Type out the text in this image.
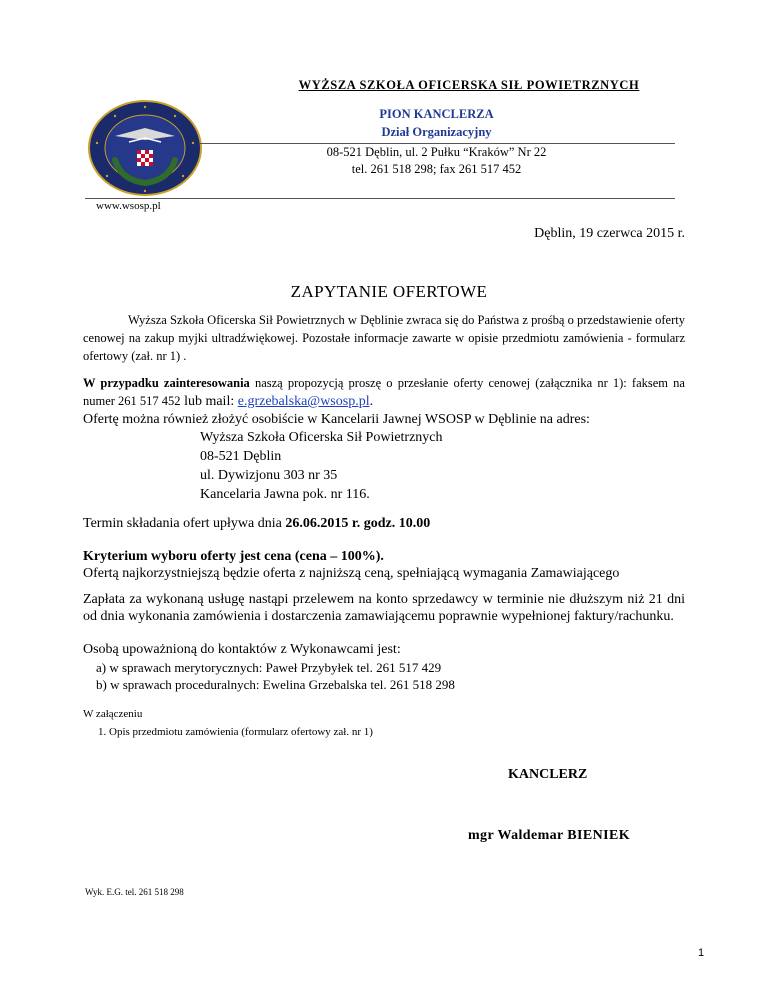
WYŻSZA SZKOŁA OFICERSKA SIŁ POWIETRZNYCH
PION KANCLERZA
Dział Organizacyjny
08-521 Dęblin, ul. 2 Pułku “Kraków” Nr 22
tel. 261 518 298; fax 261 517 452
www.wsosp.pl
Dęblin, 19 czerwca 2015 r.
ZAPYTANIE OFERTOWE
Wyższa Szkoła Oficerska Sił Powietrznych w Dęblinie zwraca się do Państwa z prośbą o przedstawienie oferty cenowej na zakup myjki ultradźwiękowej. Pozostałe informacje zawarte w opisie przedmiotu zamówienia - formularz ofertowy (zał. nr 1) .
W przypadku zainteresowania naszą propozycją proszę o przesłanie oferty cenowej (załącznika nr 1): faksem na numer 261 517 452 lub mail: e.grzebalska@wsosp.pl.
Ofertę można również złożyć osobiście w Kancelarii Jawnej WSOSP w Dęblinie na adres:
Wyższa Szkoła Oficerska Sił Powietrznych
08-521 Dęblin
ul. Dywizjonu 303 nr 35
Kancelaria Jawna pok. nr 116.
Termin składania ofert upływa dnia 26.06.2015 r. godz. 10.00
Kryterium wyboru oferty jest cena (cena – 100%).
Ofertą najkorzystniejszą będzie oferta z najniższą ceną, spełniającą wymagania Zamawiającego
Zapłata za wykonaną usługę nastąpi przelewem na konto sprzedawcy w terminie nie dłuższym niż 21 dni od dnia wykonania zamówienia i dostarczenia zamawiającemu poprawnie wypełnionej faktury/rachunku.
Osobą upoważnioną do kontaktów z Wykonawcami jest:
a) w sprawach merytorycznych: Paweł Przybyłek tel. 261 517 429
b) w sprawach proceduralnych: Ewelina Grzebalska tel. 261 518 298
W załączeniu
1. Opis przedmiotu zamówienia (formularz ofertowy zał. nr 1)
KANCLERZ
mgr Waldemar BIENIEK
Wyk. E.G. tel. 261 518 298
1
